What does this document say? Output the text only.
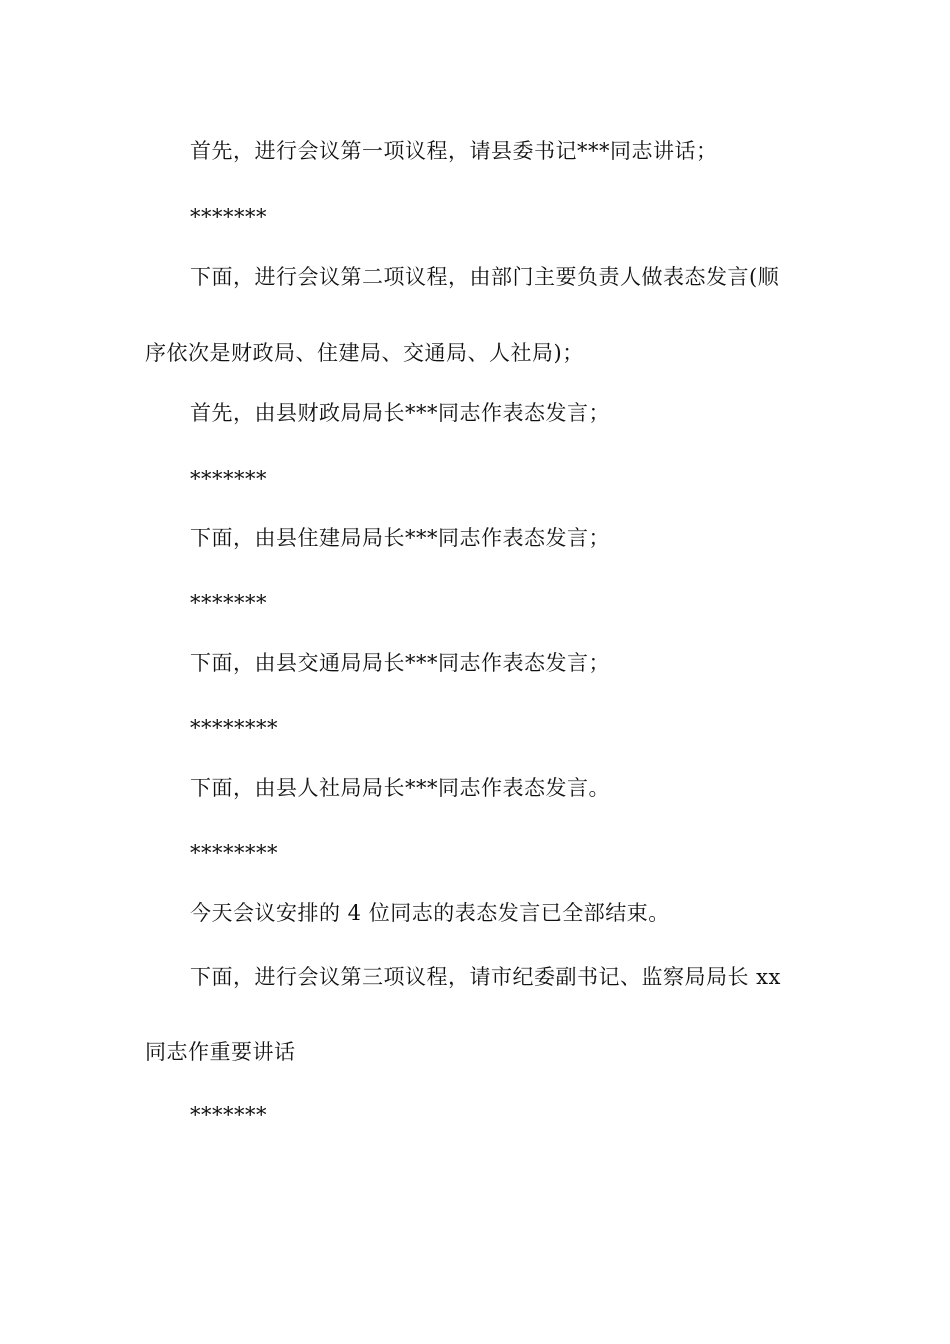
首先，进行会议第一项议程，请县委书记***同志讲话；
*******
下面，进行会议第二项议程，由部门主要负责人做表态发言(顺
序依次是财政局、住建局、交通局、人社局)；
首先，由县财政局局长***同志作表态发言；
*******
下面，由县住建局局长***同志作表态发言；
*******
下面，由县交通局局长***同志作表态发言；
********
下面，由县人社局局长***同志作表态发言。
********
今天会议安排的 4 位同志的表态发言已全部结束。
下面，进行会议第三项议程，请市纪委副书记、监察局局长 xx
同志作重要讲话
*******
